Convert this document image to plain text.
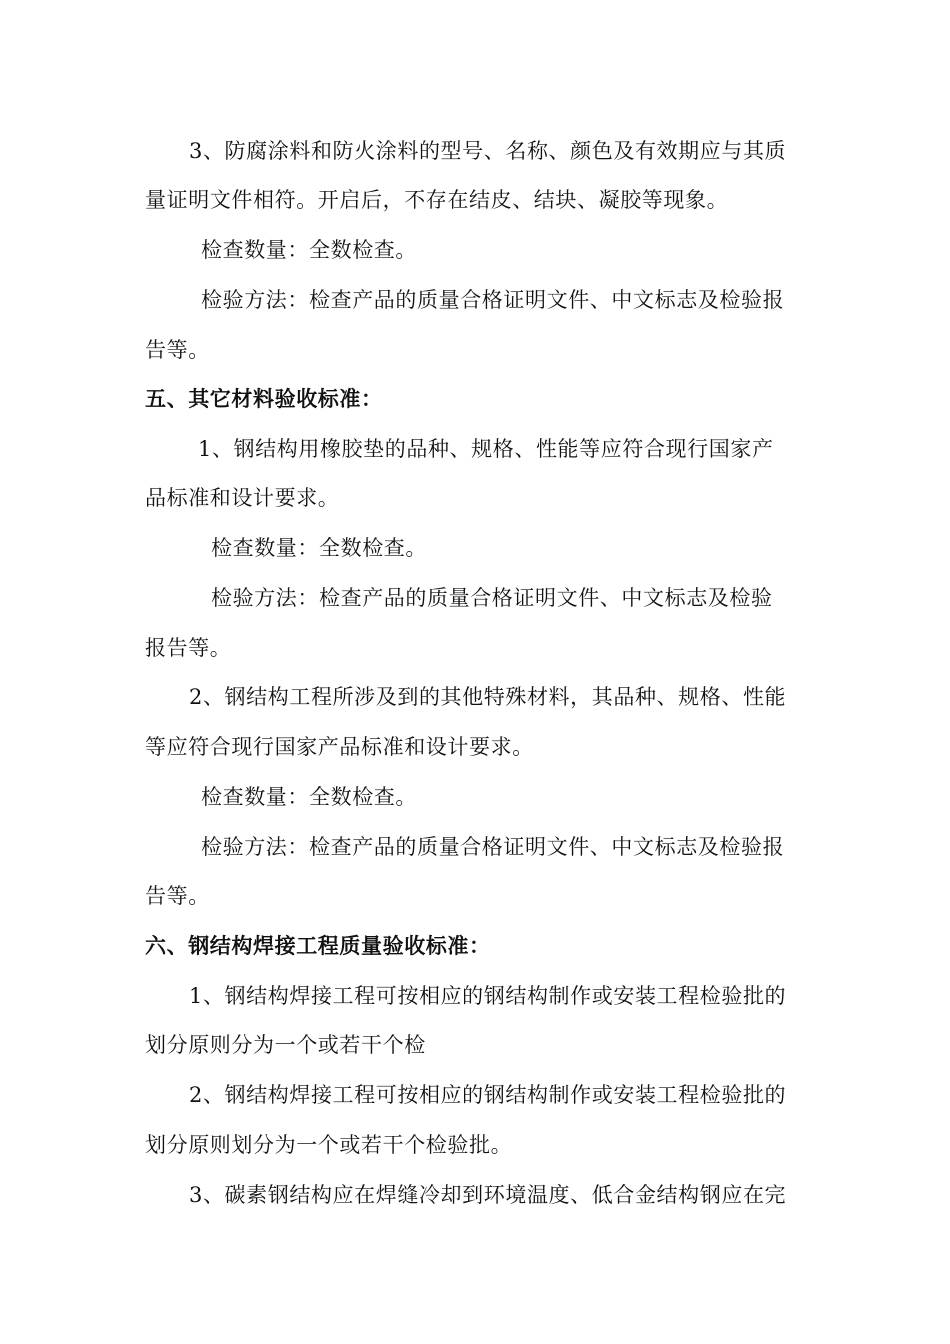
3、防腐涂料和防火涂料的型号、名称、颜色及有效期应与其质
量证明文件相符。开启后，不存在结皮、结块、凝胶等现象。
检查数量：全数检查。
检验方法：检查产品的质量合格证明文件、中文标志及检验报
告等。
五、其它材料验收标准：
1、钢结构用橡胶垫的品种、规格、性能等应符合现行国家产
品标准和设计要求。
检查数量：全数检查。
检验方法：检查产品的质量合格证明文件、中文标志及检验
报告等。
2、钢结构工程所涉及到的其他特殊材料，其品种、规格、性能
等应符合现行国家产品标准和设计要求。
检查数量：全数检查。
检验方法：检查产品的质量合格证明文件、中文标志及检验报
告等。
六、钢结构焊接工程质量验收标准：
1、钢结构焊接工程可按相应的钢结构制作或安装工程检验批的
划分原则分为一个或若干个检
2、钢结构焊接工程可按相应的钢结构制作或安装工程检验批的
划分原则划分为一个或若干个检验批。
3、碳素钢结构应在焊缝冷却到环境温度、低合金结构钢应在完
